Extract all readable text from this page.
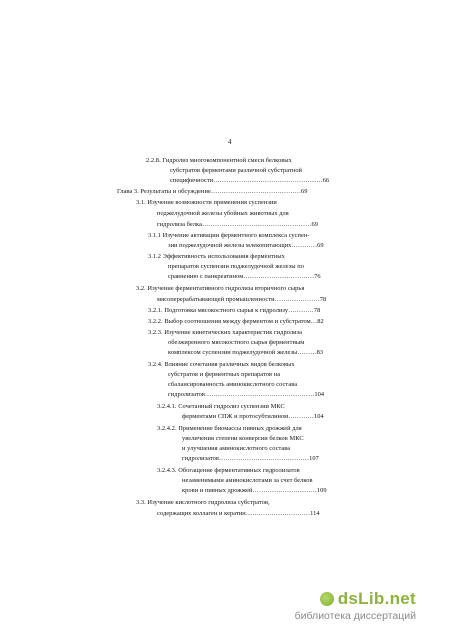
4
2.2.8. Гидролиз многокомпонентной смеси белковых
субстратов ферментами различной субстратной
специфичности……………………………………………66
Глава 3. Результаты и обсуждение……………………………………69
3.1. Изучение возможности применения суспензии
поджелудочной железы убойных животных для
гидролиза белка……………………………………………69
3.1.1 Изучение активации ферментного комплекса суспен-
зии поджелудочной железы млекопитающих…………69
3.1.2 Эффективность использования ферментных
препаратов суспензии поджелудочной железы по
сравнению с панкреатином……………………………76
3.2. Изучение ферментативного гидролиза вторичного сырья
мясоперерабатывающей промышленности…………………78
3.2.1. Подготовка мясокостного сырья к гидролизу…………78
3.2.2. Выбор соотношения между ферментом и субстратом…82
3.2.3. Изучение кинетических характеристик гидролиза
обезжиренного мясокостного сырья ферментным
комплексом суспензии поджелудочной железы………83
3.2.4. Влияние сочетания различных видов белковых
субстратов и ферментных препаратов на
сбалансированность аминокислотного состава
гидролизатов……………………………………………104
3.2.4.1. Сочетанный гидролиз суспензии МКС
ферментами СПЖ и протосубтилином…………104
3.2.4.2. Применение биомассы пивных дрожжей для
увеличения степени конверсии белков МКС
и улучшения аминокислотного состава
гидролизатов……………………………………107
3.2.4.3. Обогащение ферментативных гидролизатов
незаменимыми аминокислотами за счет белков
крови и пивных дрожжей…………………………109
3.3. Изучение кислотного гидролиза субстратов,
содержащих коллаген и кератин…………………………114
dsLib.net
библиотека диссертаций
